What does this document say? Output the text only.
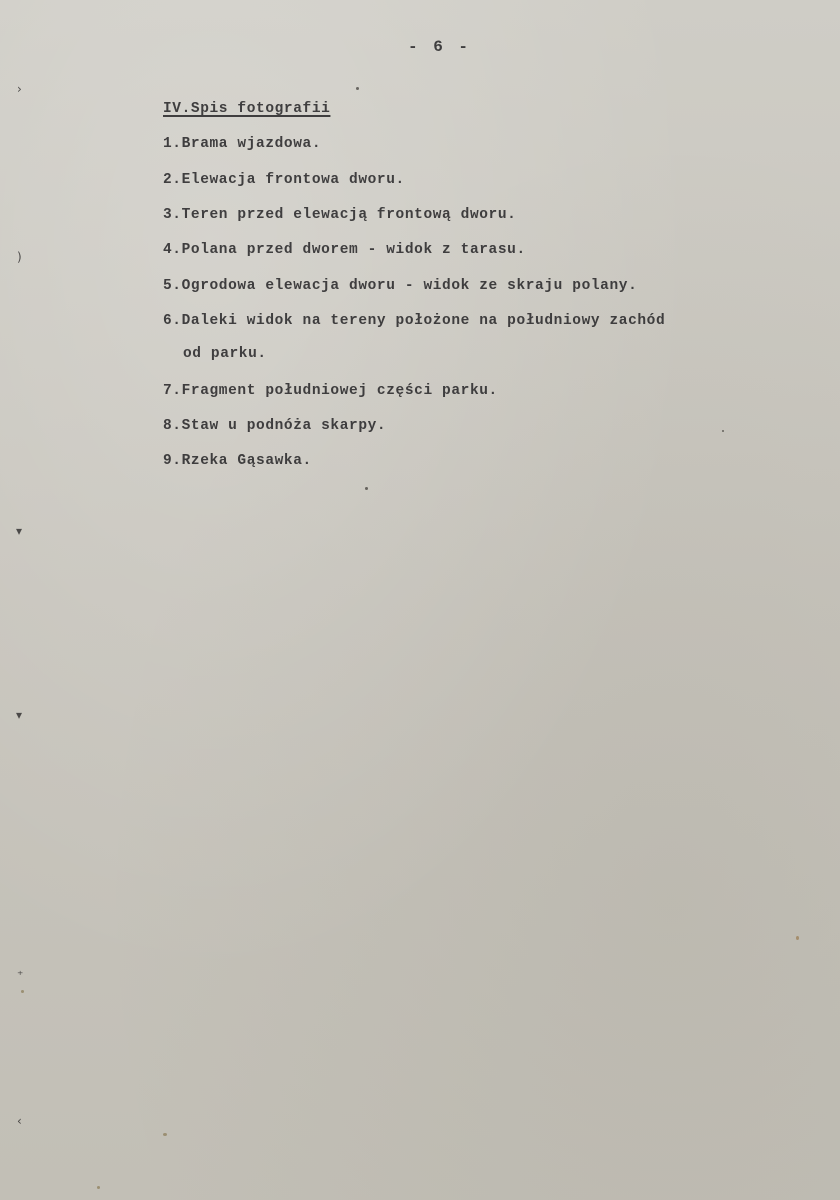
- 6 -
IV.Spis fotografii
1.Brama wjazdowa.
2.Elewacja frontowa dworu.
3.Teren przed elewacją frontową dworu.
4.Polana przed dworem - widok z tarasu.
5.Ogrodowa elewacja dworu - widok ze skraju polany.
6.Daleki widok na tereny położone na południowy zachód
od parku.
7.Fragment południowej części parku.
8.Staw u podnóża skarpy.
9.Rzeka Gąsawka.
›
)
▾
▾
⁺
‹
